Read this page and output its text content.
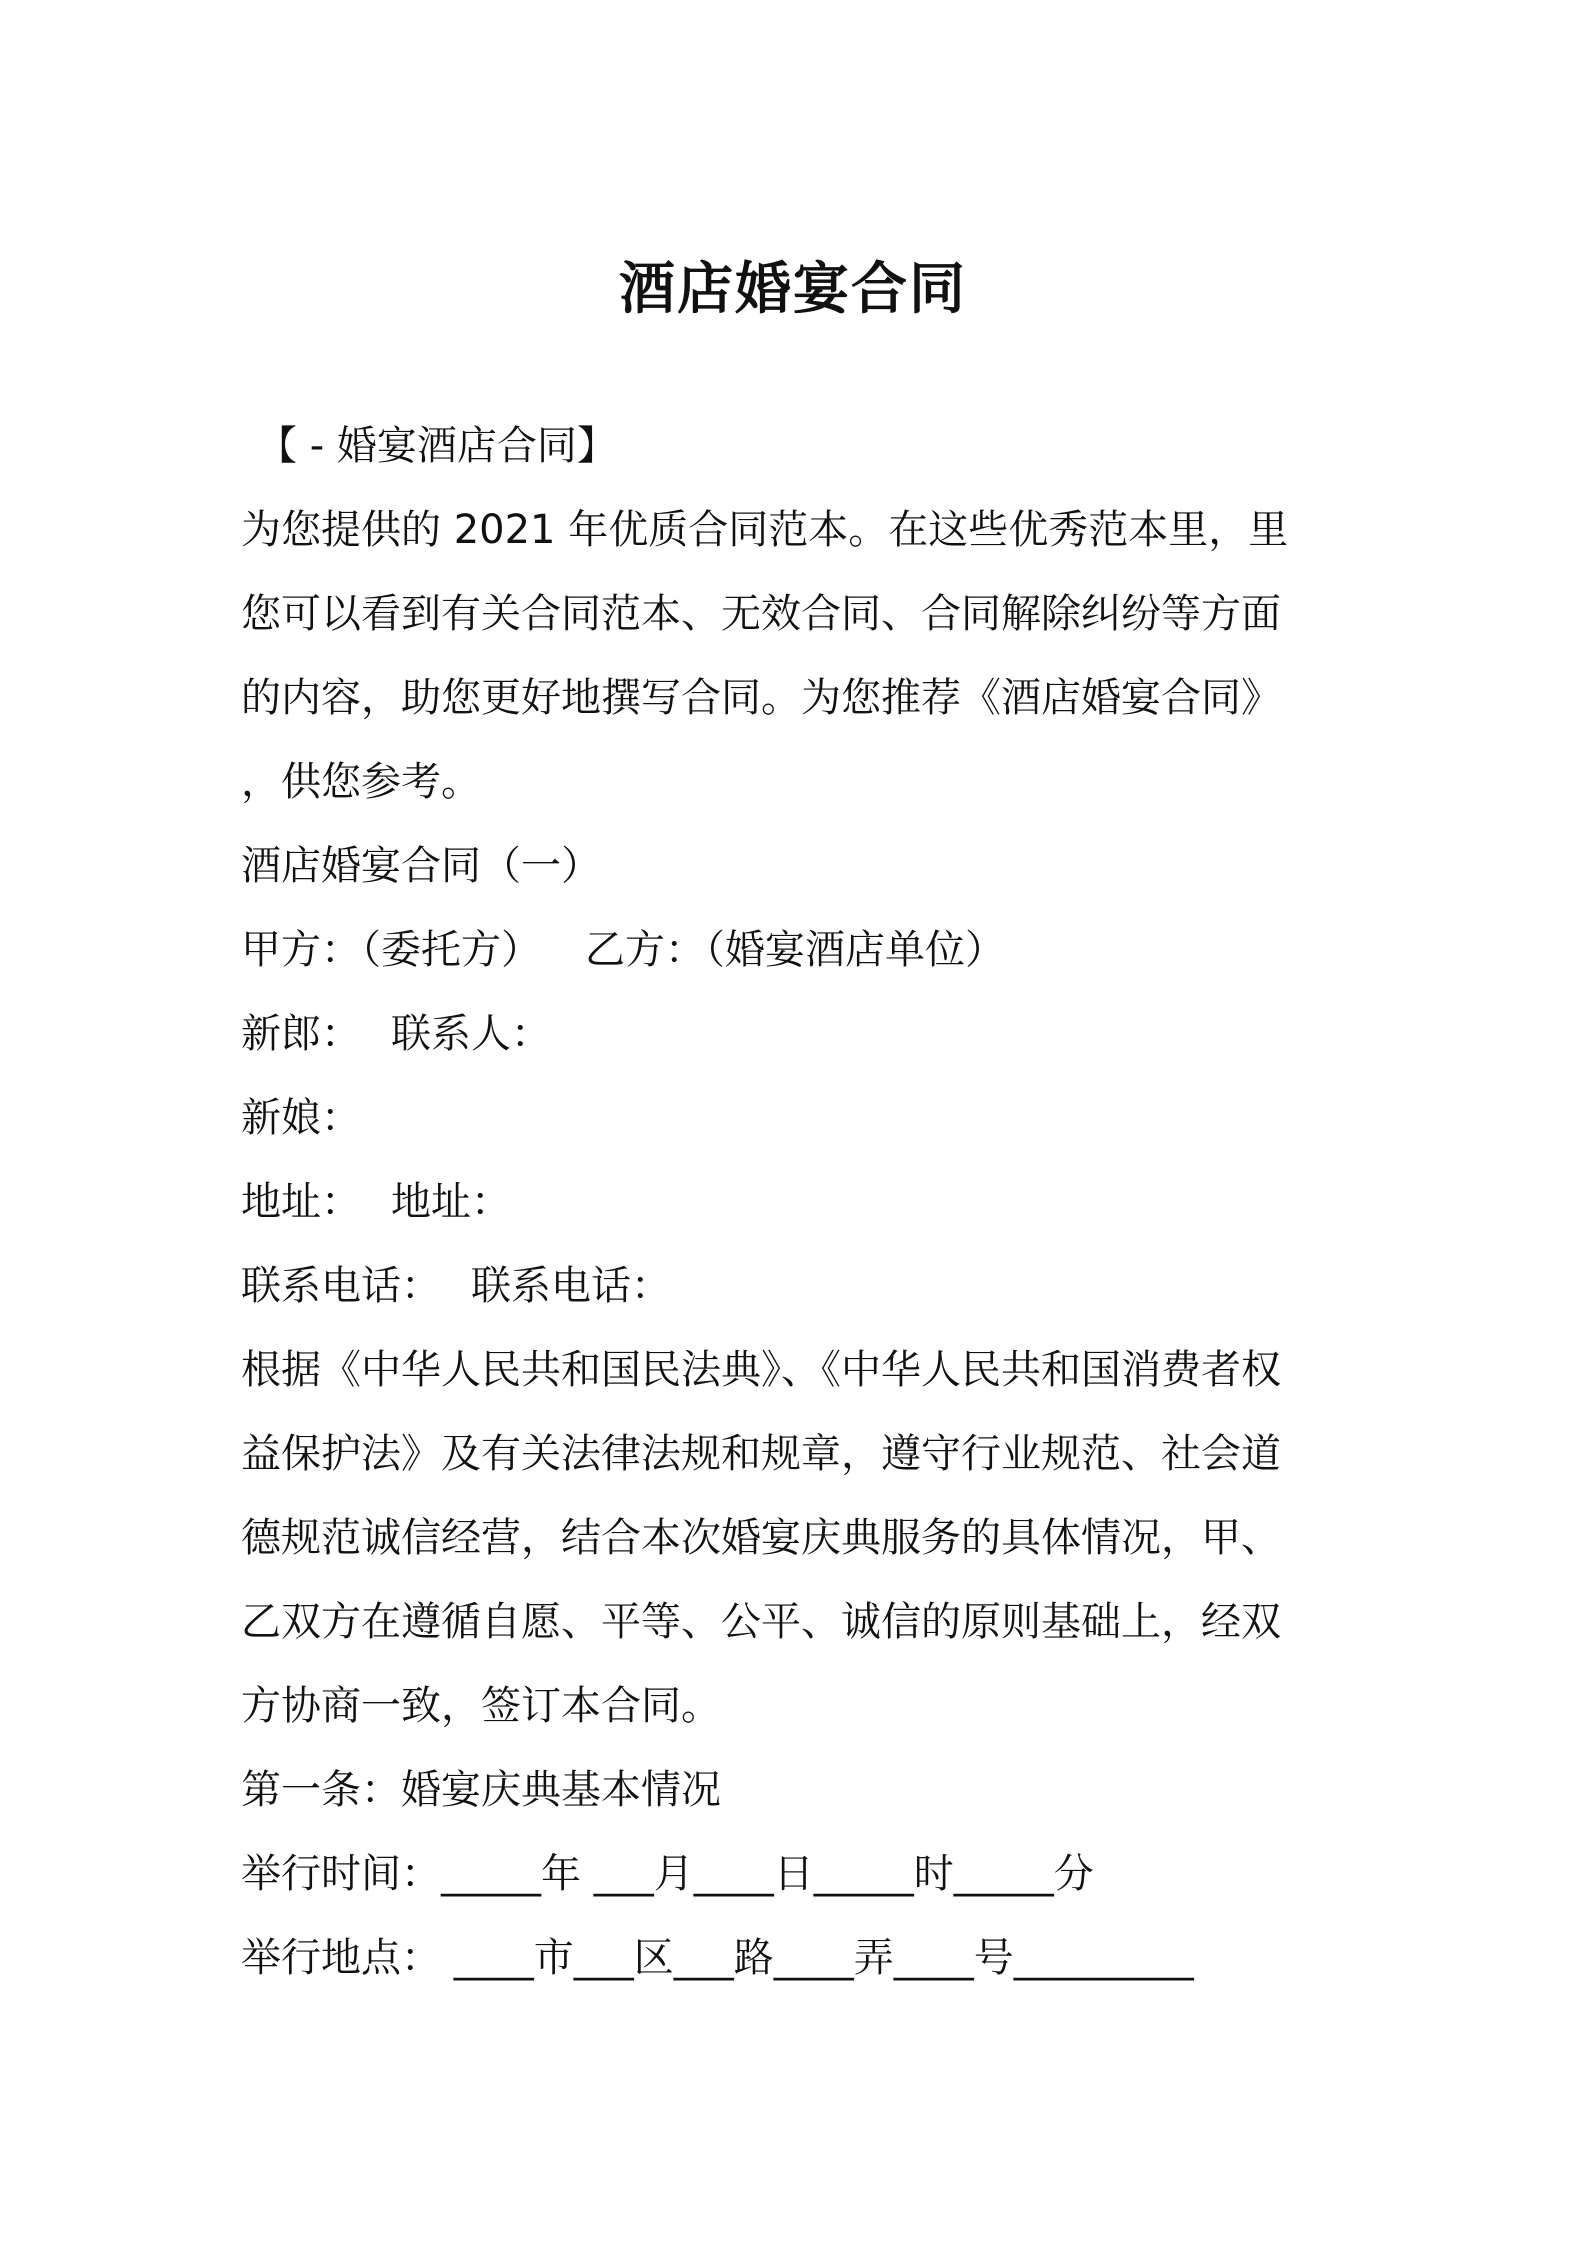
酒店婚宴合同
【 - 婚宴酒店合同】
为您提供的 2021 年优质合同范本。在这些优秀范本里，里
您可以看到有关合同范本、无效合同、合同解除纠纷等方面
的内容，助您更好地撰写合同。为您推荐《酒店婚宴合同》
，供您参考。
酒店婚宴合同（一）
甲方：（委托方） 乙方：（婚宴酒店单位）
新郎： 联系人：
新娘：
地址： 地址：
联系电话： 联系电话：
根据《中华人民共和国民法典》、《中华人民共和国消费者权
益保护法》及有关法律法规和规章，遵守行业规范、社会道
德规范诚信经营，结合本次婚宴庆典服务的具体情况，甲、
乙双方在遵循自愿、平等、公平、诚信的原则基础上，经双
方协商一致，签订本合同。
第一条：婚宴庆典基本情况
举行时间：_____年 ___月____日_____时_____分
举行地点： ____市___区___路____弄____号_________
